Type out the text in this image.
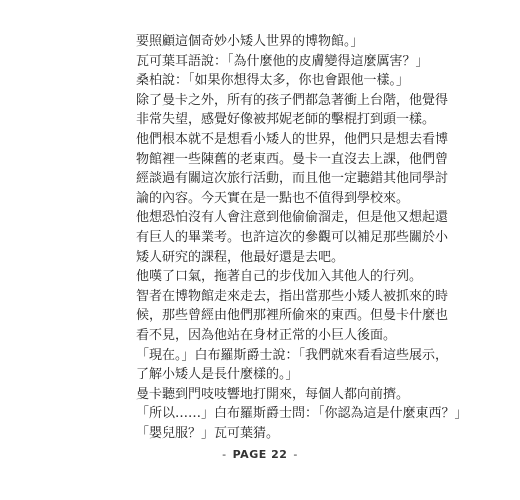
要照顧這個奇妙小矮人世界的博物館。」
瓦可葉耳語說：「為什麼他的皮膚變得這麼厲害？」
桑柏說：「如果你想得太多，你也會跟他一樣。」
除了曼卡之外，所有的孩子們都急著衝上台階，他覺得
非常失望，感覺好像被邦妮老師的擊棍打到頭一樣。
他們根本就不是想看小矮人的世界，他們只是想去看博
物館裡一些陳舊的老東西。曼卡一直沒去上課，他們曾
經談過有關這次旅行活動，而且他一定聽錯其他同學討
論的內容。今天實在是一點也不值得到學校來。
他想恐怕沒有人會注意到他偷偷溜走，但是他又想起還
有巨人的畢業考。也許這次的參觀可以補足那些關於小
矮人研究的課程，他最好還是去吧。
他嘆了口氣，拖著自己的步伐加入其他人的行列。
智者在博物館走來走去，指出當那些小矮人被抓來的時
候，那些曾經由他們那裡所偷來的東西。但曼卡什麼也
看不見，因為他站在身材正常的小巨人後面。
「現在。」白布羅斯爵士說：「我們就來看看這些展示，
了解小矮人是長什麼樣的。」
曼卡聽到門吱吱響地打開來，每個人都向前擠。
「所以……」白布羅斯爵士問：「你認為這是什麼東西？」
「嬰兒服？」瓦可葉猜。
- PAGE 22 -
